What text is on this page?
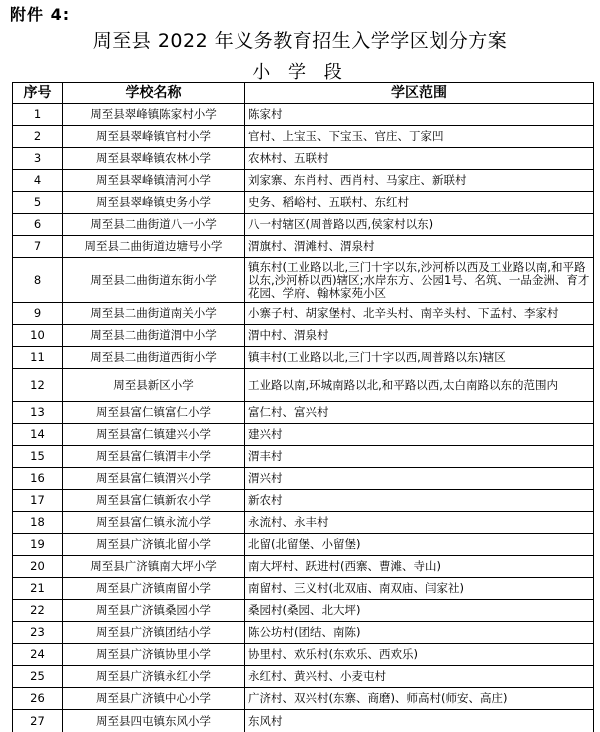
附件 4:
周至县 2022 年义务教育招生入学学区划分方案
小 学 段
序号	学校名称	学区范围
1	周至县翠峰镇陈家村小学	陈家村
2	周至县翠峰镇官村小学	官村、上宝玉、下宝玉、官庄、丁家凹
3	周至县翠峰镇农林小学	农林村、五联村
4	周至县翠峰镇清河小学	刘家寨、东肖村、西肖村、马家庄、新联村
5	周至县翠峰镇史务小学	史务、稻峪村、五联村、东红村
6	周至县二曲街道八一小学	八一村辖区(周普路以西,侯家村以东)
7	周至县二曲街道边塘号小学	渭旗村、渭滩村、渭泉村
8	周至县二曲街道东街小学	镇东村(工业路以北,三门十字以东,沙河桥以西及工业路以南,和平路以东,沙河桥以西)辖区;水岸东方、公园1号、名筑、一品金洲、育才花园、学府、翰林家苑小区
9	周至县二曲街道南关小学	小寨子村、胡家堡村、北辛头村、南辛头村、下孟村、李家村
10	周至县二曲街道渭中小学	渭中村、渭泉村
11	周至县二曲街道西街小学	镇丰村(工业路以北,三门十字以西,周普路以东)辖区
12	周至县新区小学	工业路以南,环城南路以北,和平路以西,太白南路以东的范围内
13	周至县富仁镇富仁小学	富仁村、富兴村
14	周至县富仁镇建兴小学	建兴村
15	周至县富仁镇渭丰小学	渭丰村
16	周至县富仁镇渭兴小学	渭兴村
17	周至县富仁镇新农小学	新农村
18	周至县富仁镇永流小学	永流村、永丰村
19	周至县广济镇北留小学	北留(北留堡、小留堡)
20	周至县广济镇南大坪小学	南大坪村、跃进村(西寨、曹滩、寺山)
21	周至县广济镇南留小学	南留村、三义村(北双庙、南双庙、闫家社)
22	周至县广济镇桑园小学	桑园村(桑园、北大坪)
23	周至县广济镇团结小学	陈公坊村(团结、南陈)
24	周至县广济镇协里小学	协里村、欢乐村(东欢乐、西欢乐)
25	周至县广济镇永红小学	永红村、黄兴村、小麦屯村
26	周至县广济镇中心小学	广济村、双兴村(东寨、商磨)、师高村(师安、高庄)
27	周至县四屯镇东风小学	东风村
